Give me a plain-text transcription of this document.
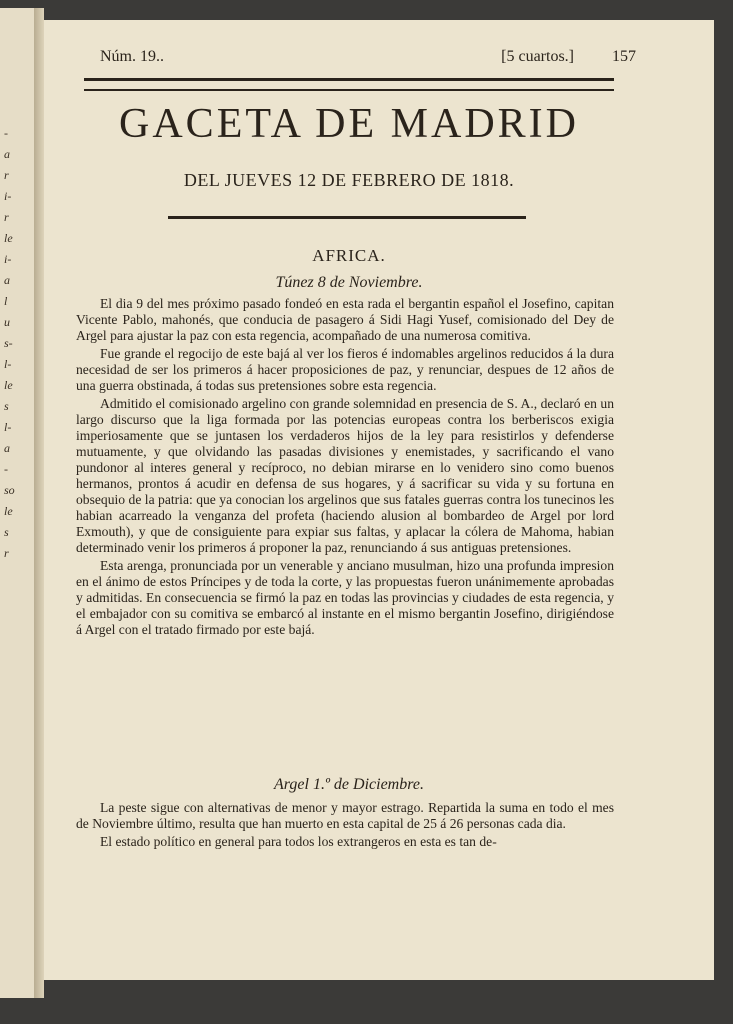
-
a
r
i-
r
le
i-
a
l
u
s-
l-
le
s
l-
a
-
so
le
s
r
Núm. 19..	[5 cuartos.] 157
GACETA DE MADRID
DEL JUEVES 12 DE FEBRERO DE 1818.
AFRICA.
Túnez 8 de Noviembre.

El dia 9 del mes próximo pasado fondeó en esta rada el bergantin español el Josefino, capitan Vicente Pablo, mahonés, que conducia de pasagero á Sidi Hagi Yusef, comisionado del Dey de Argel para ajustar la paz con esta regencia, acompañado de una numerosa comitiva.

Fue grande el regocijo de este bajá al ver los fieros é indomables argelinos reducidos á la dura necesidad de ser los primeros á hacer proposiciones de paz, y renunciar, despues de 12 años de una guerra obstinada, á todas sus pretensiones sobre esta regencia.

Admitido el comisionado argelino con grande solemnidad en presencia de S. A., declaró en un largo discurso que la liga formada por las potencias europeas contra los berberiscos exigia imperiosamente que se juntasen los verdaderos hijos de la ley para resistirlos y defenderse mutuamente, y que olvidando las pasadas divisiones y enemistades, y sacrificando el vano pundonor al interes general y recíproco, no debian mirarse en lo venidero sino como buenos hermanos, prontos á acudir en defensa de sus hogares, y á sacrificar su vida y su fortuna en obsequio de la patria: que ya conocian los argelinos que sus fatales guerras contra los tunecinos les habian acarreado la venganza del profeta (haciendo alusion al bombardeo de Argel por lord Exmouth), y que de consiguiente para expiar sus faltas, y aplacar la cólera de Mahoma, habian determinado venir los primeros á proponer la paz, renunciando á sus antiguas pretensiones.

Esta arenga, pronunciada por un venerable y anciano musulman, hizo una profunda impresion en el ánimo de estos Príncipes y de toda la corte, y las propuestas fueron unánimemente aprobadas y admitidas. En consecuencia se firmó la paz en todas las provincias y ciudades de esta regencia, y el embajador con su comitiva se embarcó al instante en el mismo bergantin Josefino, dirigiéndose á Argel con el tratado firmado por este bajá.

Argel 1.º de Diciembre.

La peste sigue con alternativas de menor y mayor estrago. Repartida la suma en todo el mes de Noviembre último, resulta que han muerto en esta capital de 25 á 26 personas cada dia.

El estado político en general para todos los extrangeros en esta es tan de-
